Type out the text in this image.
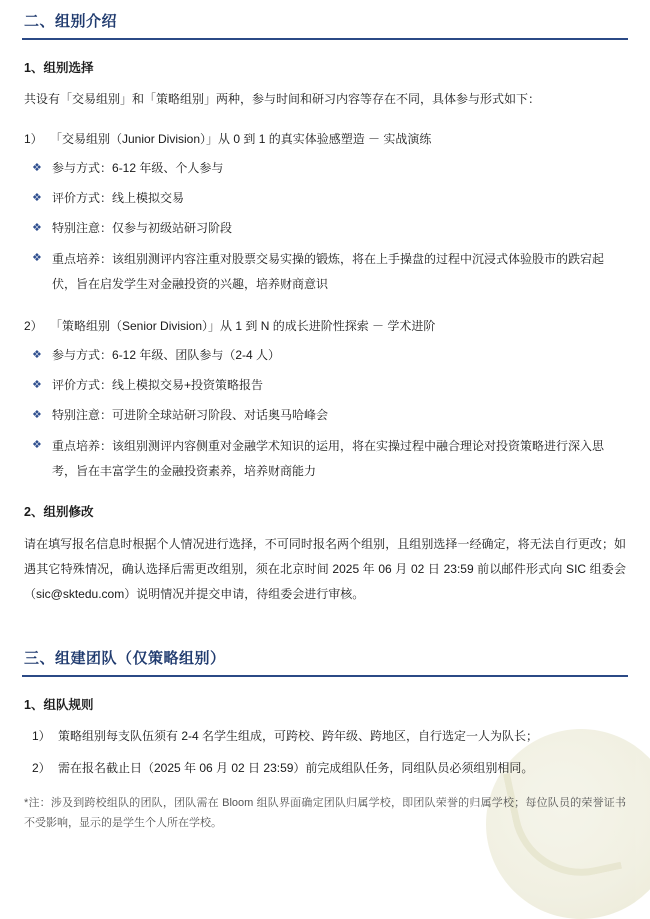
二、组别介绍
1、组别选择
共设有「交易组别」和「策略组别」两种，参与时间和研习内容等存在不同，具体参与形式如下：
1） 「交易组别（Junior Division）」从 0 到 1 的真实体验感塑造 － 实战演练
❖ 参与方式：6-12 年级、个人参与
❖ 评价方式：线上模拟交易
❖ 特别注意：仅参与初级站研习阶段
❖ 重点培养：该组别测评内容注重对股票交易实操的锻炼，将在上手操盘的过程中沉浸式体验股市的跌宕起伏，旨在启发学生对金融投资的兴趣，培养财商意识
2） 「策略组别（Senior Division）」从 1 到 N 的成长进阶性探索 － 学术进阶
❖ 参与方式：6-12 年级、团队参与（2-4 人）
❖ 评价方式：线上模拟交易+投资策略报告
❖ 特别注意：可进阶全球站研习阶段、对话奥马哈峰会
❖ 重点培养：该组别测评内容侧重对金融学术知识的运用，将在实操过程中融合理论对投资策略进行深入思考，旨在丰富学生的金融投资素养，培养财商能力
2、组别修改
请在填写报名信息时根据个人情况进行选择，不可同时报名两个组别，且组别选择一经确定，将无法自行更改；如遇其它特殊情况，确认选择后需更改组别，须在北京时间 2025 年 06 月 02 日 23:59 前以邮件形式向 SIC 组委会（sic@sktedu.com）说明情况并提交申请，待组委会进行审核。
三、组建团队（仅策略组别）
1、组队规则
1） 策略组别每支队伍须有 2-4 名学生组成，可跨校、跨年级、跨地区，自行选定一人为队长；
2） 需在报名截止日（2025 年 06 月 02 日 23:59）前完成组队任务，同组队员必须组别相同。
*注：涉及到跨校组队的团队，团队需在 Bloom 组队界面确定团队归属学校，即团队荣誉的归属学校；每位队员的荣誉证书不受影响，显示的是学生个人所在学校。
